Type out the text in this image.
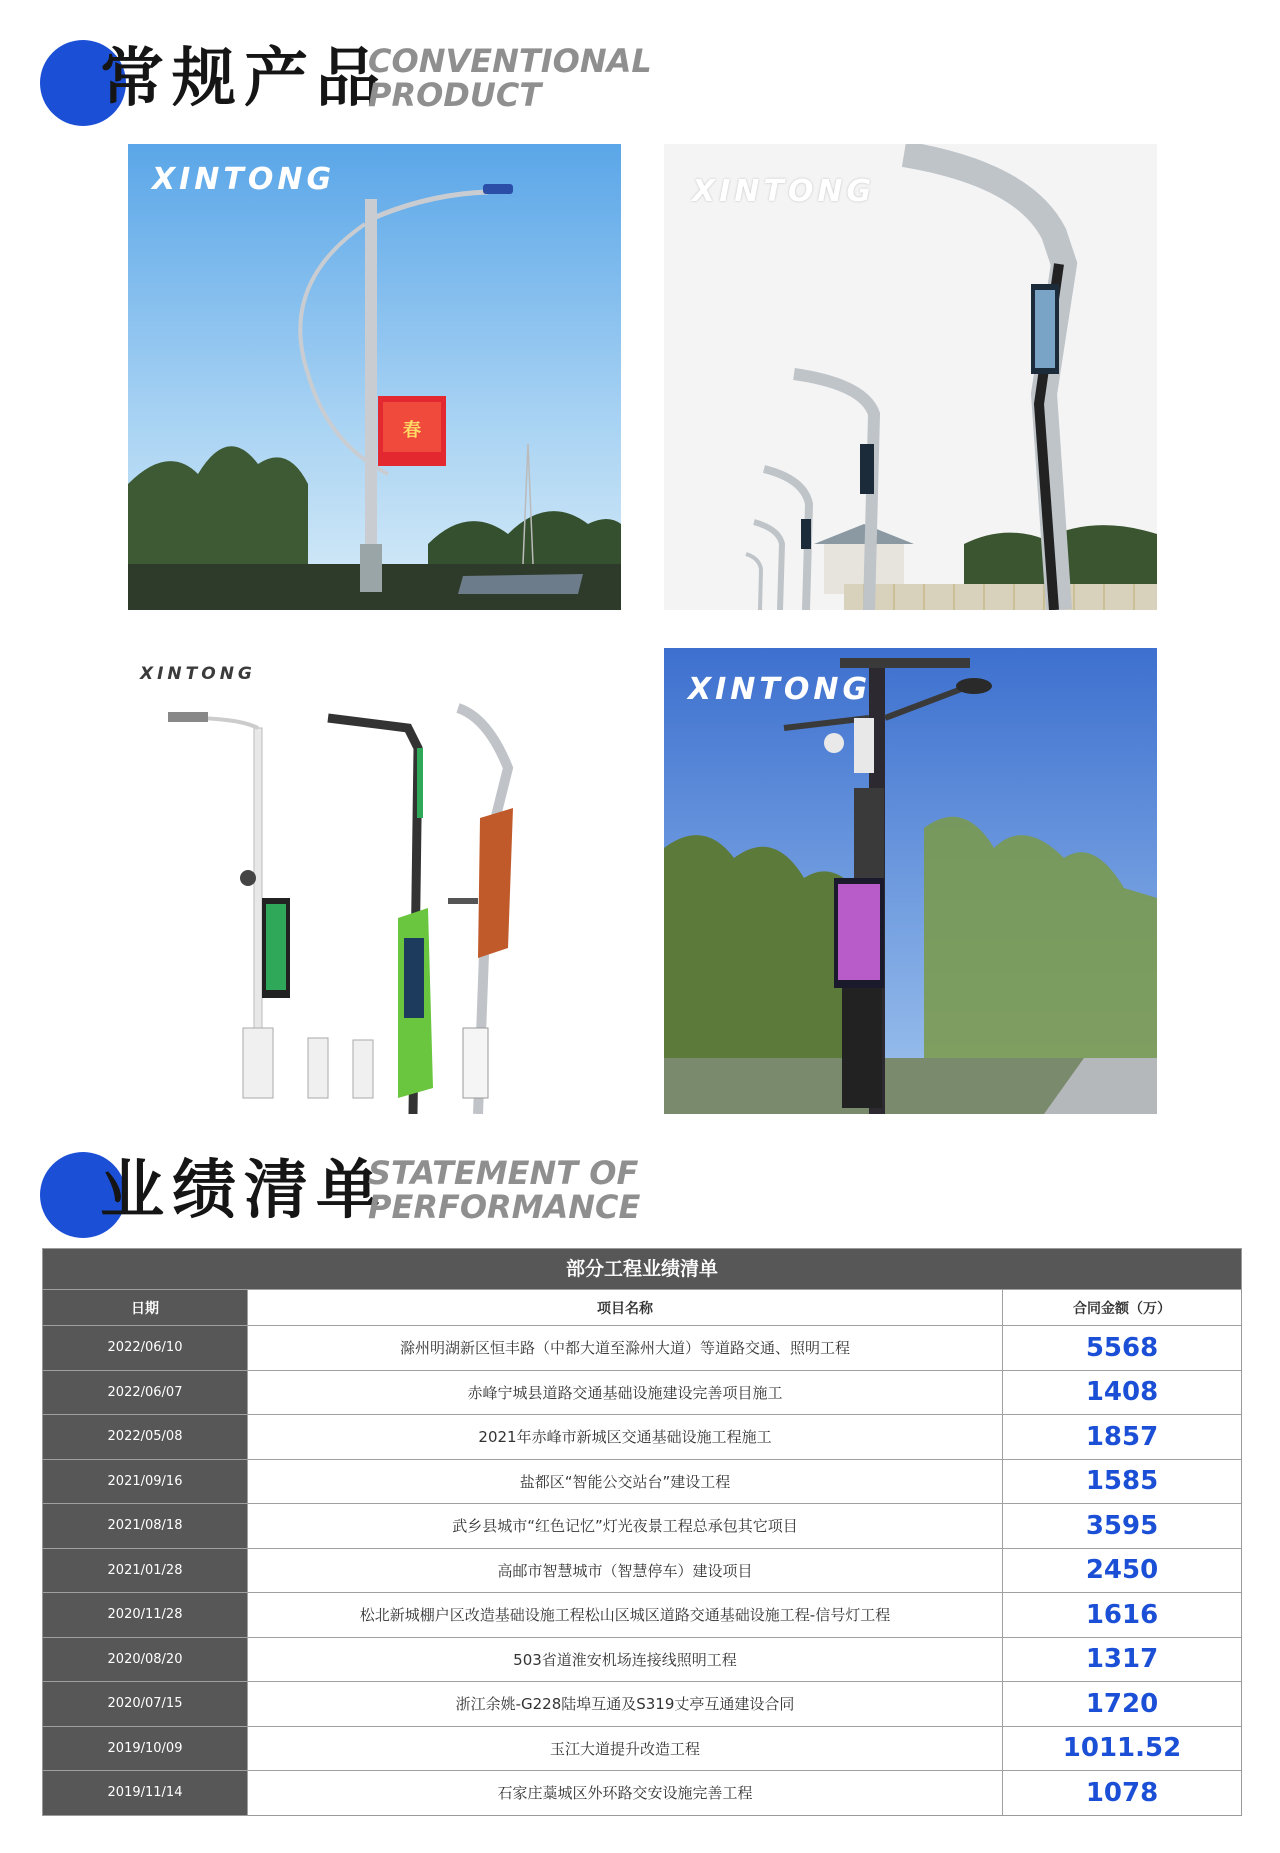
常规产品
CONVENTIONAL
PRODUCT
春
XINTONG	XINTONG
XINTONG	XINTONG
业绩清单
STATEMENT OF
PERFORMANCE
部分工程业绩清单
日期	项目名称	合同金额（万）
2022/06/10	滁州明湖新区恒丰路（中都大道至滁州大道）等道路交通、照明工程	5568
2022/06/07	赤峰宁城县道路交通基础设施建设完善项目施工	1408
2022/05/08	2021年赤峰市新城区交通基础设施工程施工	1857
2021/09/16	盐都区“智能公交站台”建设工程	1585
2021/08/18	武乡县城市“红色记忆”灯光夜景工程总承包其它项目	3595
2021/01/28	高邮市智慧城市（智慧停车）建设项目	2450
2020/11/28	松北新城棚户区改造基础设施工程松山区城区道路交通基础设施工程-信号灯工程	1616
2020/08/20	503省道淮安机场连接线照明工程	1317
2020/07/15	浙江余姚-G228陆埠互通及S319丈亭互通建设合同	1720
2019/10/09	玉江大道提升改造工程	1011.52
2019/11/14	石家庄藁城区外环路交安设施完善工程	1078
